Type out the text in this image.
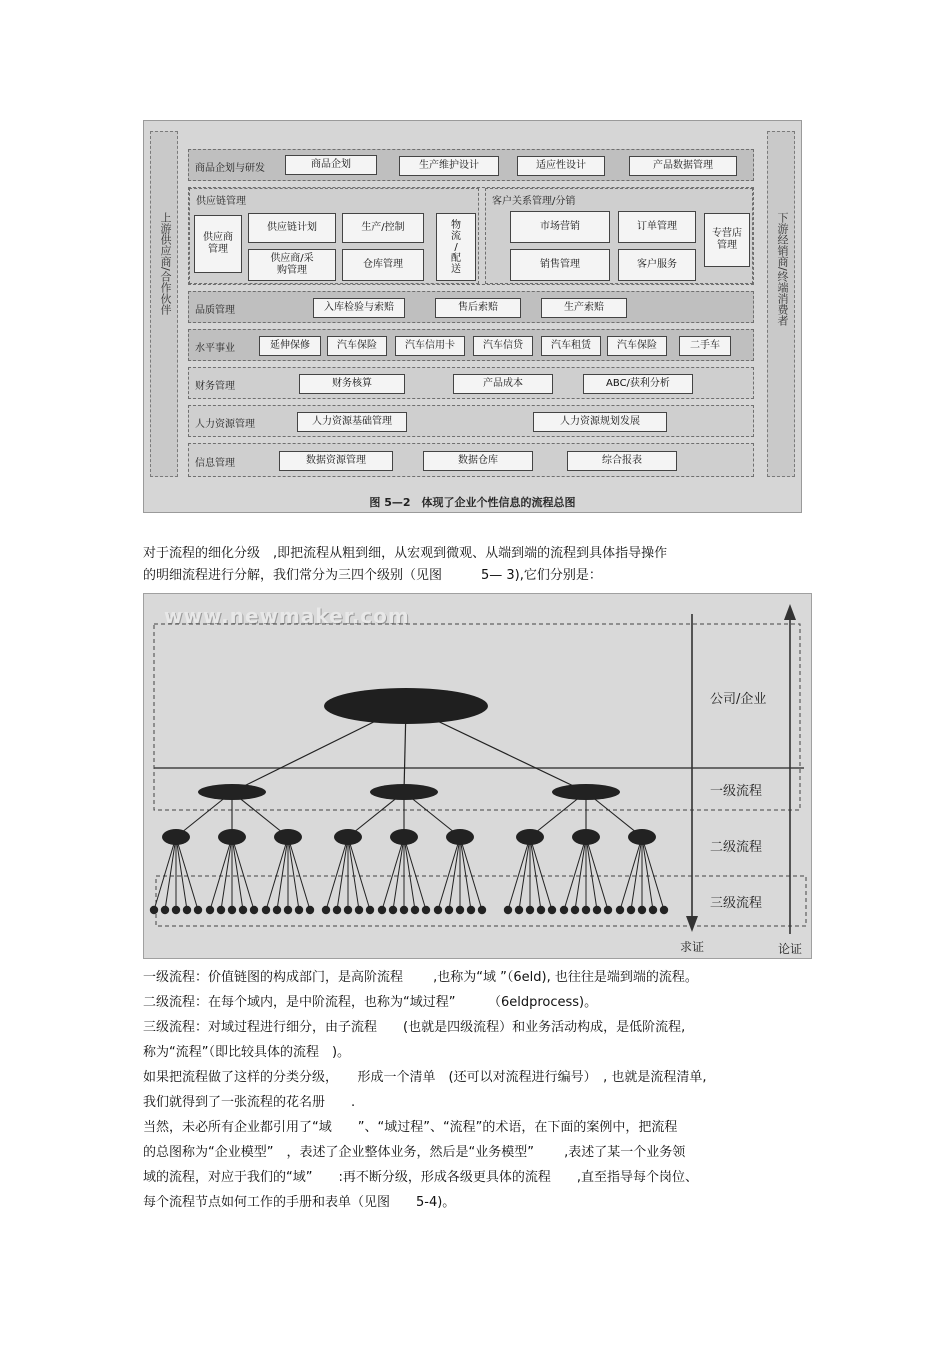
上游供应商/合作伙伴	下游经销商/终端消费者
商品企划与研发	商品企划	生产维护设计	适应性设计	产品数据管理
供应链管理
供应商
管理
供应链计划	生产/控制
供应商/采
购管理
仓库管理
物
流
/
配
送
客户关系管理/分销
市场营销	订单管理
销售管理	客户服务
专营店
管理
品质管理	入库检验与索赔	售后索赔	生产索赔
水平事业	延伸保修	汽车保险	汽车信用卡	汽车信贷	汽车租赁	汽车保险	二手车
财务管理	财务核算	产品成本	ABC/获利分析
人力资源管理	人力资源基础管理	人力资源规划发展
信息管理	数据资源管理	数据仓库	综合报表
图 5—2　体现了企业个性信息的流程总图
对于流程的细化分级　,即把流程从粗到细，从宏观到微观、从端到端的流程到具体指导操作
的明细流程进行分解，我们常分为三四个级别（见图　　　5— 3),它们分别是：
www.newmaker.com
公司/企业
一级流程
二级流程
三级流程
求证	论证
一级流程：价值链图的构成部门，是高阶流程　　 ,也称为“域 ”（6eld), 也往往是端到端的流程。
二级流程：在每个域内，是中阶流程，也称为“域过程”　　　（6eldprocess)。
三级流程：对域过程进行细分，由子流程　　(也就是四级流程）和业务活动构成，是低阶流程,
称为“流程”（即比较具体的流程　)。
如果把流程做了这样的分类分级，　　形成一个清单　(还可以对流程进行编号）　, 也就是流程清单,
我们就得到了一张流程的花名册　　.
当然，未必所有企业都引用了“域　　”、“域过程”、“流程”的术语，在下面的案例中，把流程
的总图称为“企业模型”　，表述了企业整体业务，然后是“业务模型”　　 ,表述了某一个业务领
域的流程，对应于我们的“域”　　:再不断分级，形成各级更具体的流程　　,直至指导每个岗位、
每个流程节点如何工作的手册和表单（见图　　5-4)。
